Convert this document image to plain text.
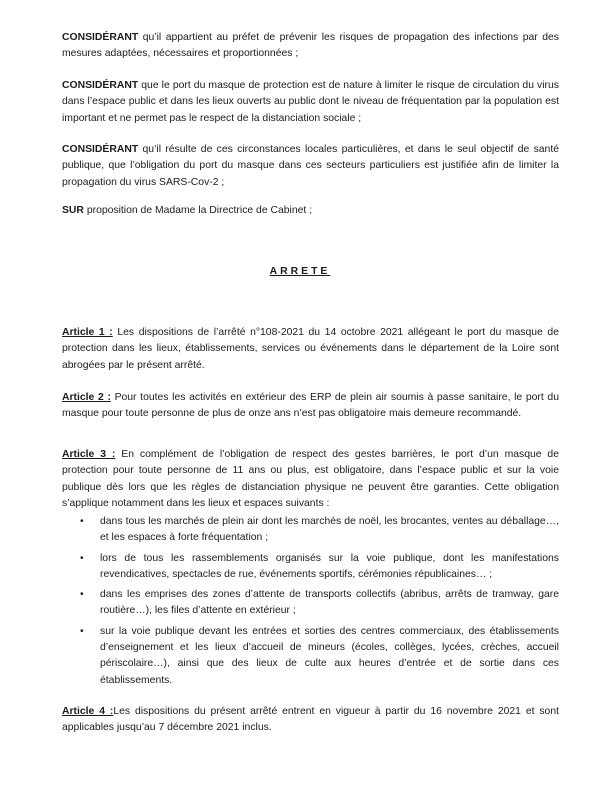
CONSIDÉRANT qu’il appartient au préfet de prévenir les risques de propagation des infections par des mesures adaptées, nécessaires et proportionnées ;

CONSIDÉRANT que le port du masque de protection est de nature à limiter le risque de circulation du virus dans l’espace public et dans les lieux ouverts au public dont le niveau de fréquentation par la population est important et ne permet pas le respect de la distanciation sociale ;

CONSIDÉRANT qu’il résulte de ces circonstances locales particulières, et dans le seul objectif de santé publique, que l’obligation du port du masque dans ces secteurs particuliers est justifiée afin de limiter la propagation du virus SARS-Cov-2 ;

SUR proposition de Madame la Directrice de Cabinet ;

ARRETE

Article 1 : Les dispositions de l’arrêté n°108-2021 du 14 octobre 2021 allégeant le port du masque de protection dans les lieux, établissements, services ou événements dans le département de la Loire sont abrogées par le présent arrêté.

Article 2 : Pour toutes les activités en extérieur des ERP de plein air soumis à passe sanitaire, le port du masque pour toute personne de plus de onze ans n’est pas obligatoire mais demeure recommandé.

Article 3 : En complément de l’obligation de respect des gestes barrières, le port d’un masque de protection pour toute personne de 11 ans ou plus, est obligatoire, dans l’espace public et sur la voie publique dès lors que les règles de distanciation physique ne peuvent être garanties. Cette obligation s’applique notamment dans les lieux et espaces suivants :

• dans tous les marchés de plein air dont les marchés de noël, les brocantes, ventes au déballage…, et les espaces à forte fréquentation ;
• lors de tous les rassemblements organisés sur la voie publique, dont les manifestations revendicatives, spectacles de rue, événements sportifs, cérémonies républicaines… ;
• dans les emprises des zones d’attente de transports collectifs (abribus, arrêts de tramway, gare routière…), les files d’attente en extérieur ;
• sur la voie publique devant les entrées et sorties des centres commerciaux, des établissements d’enseignement et les lieux d’accueil de mineurs (écoles, collèges, lycées, crèches, accueil périscolaire…), ainsi que des lieux de culte aux heures d’entrée et de sortie dans ces établissements.

Article 4 :Les dispositions du présent arrêté entrent en vigueur à partir du 16 novembre 2021 et sont applicables jusqu’au 7 décembre 2021 inclus.
